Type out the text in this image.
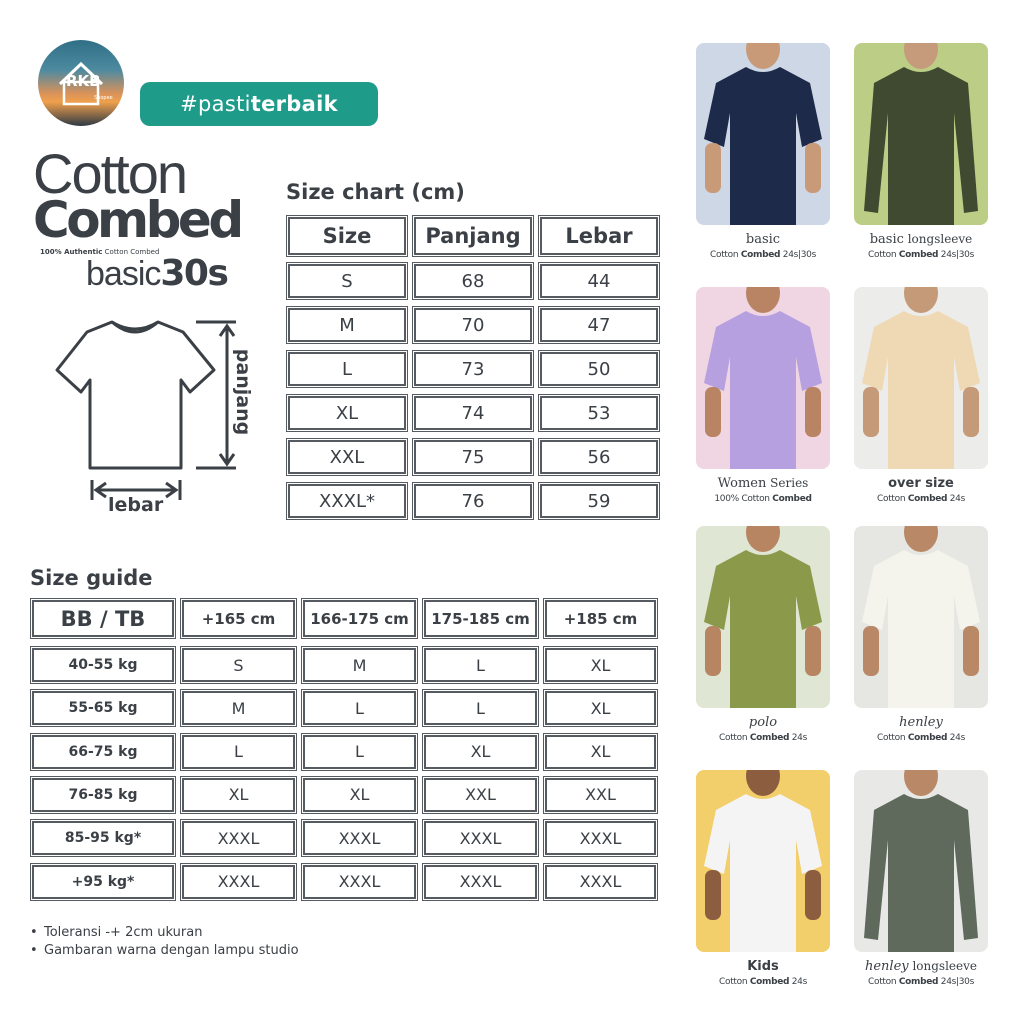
RKB
Shopee	#pastiterbaik
Cotton
Combed
100% Authentic Cotton Combed
basic30s
panjang
lebar
Size chart (cm)
Size	Panjang	Lebar
S	68	44
M	70	47
L	73	50
XL	74	53
XXL	75	56
XXXL*	76	59
Size guide
BB / TB	+165 cm	166-175 cm	175-185 cm	+185 cm
40-55 kg	S	M	L	XL
55-65 kg	M	L	L	XL
66-75 kg	L	L	XL	XL
76-85 kg	XL	XL	XXL	XXL
85-95 kg*	XXXL	XXXL	XXXL	XXXL
+95 kg*	XXXL	XXXL	XXXL	XXXL
• Toleransi -+ 2cm ukuran
• Gambaran warna dengan lampu studio
basic
Cotton Combed 24s|30s
basic longsleeve
Cotton Combed 24s|30s
Women Series
100% Cotton Combed
over size
Cotton Combed 24s
polo
Cotton Combed 24s
henley
Cotton Combed 24s
Kids
Cotton Combed 24s
henley longsleeve
Cotton Combed 24s|30s
